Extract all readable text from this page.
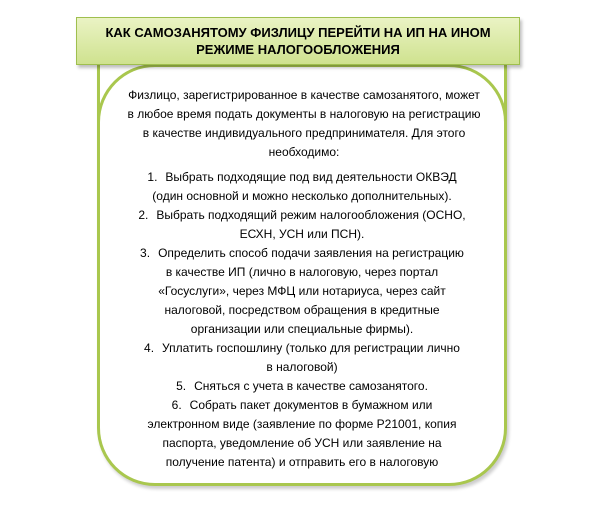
КАК САМОЗАНЯТОМУ ФИЗЛИЦУ ПЕРЕЙТИ НА ИП НА ИНОМ РЕЖИМЕ НАЛОГООБЛОЖЕНИЯ
Физлицо, зарегистрированное в качестве самозанятого, может
в любое время подать документы в налоговую на регистрацию
в качестве индивидуального предпринимателя. Для этого
необходимо:
1. Выбрать подходящие под вид деятельности ОКВЭД
(один основной и можно несколько дополнительных).
2. Выбрать подходящий режим налогообложения (ОСНО,
ЕСХН, УСН или ПСН).
3. Определить способ подачи заявления на регистрацию
в качестве ИП (лично в налоговую, через портал
«Госуслуги», через МФЦ или нотариуса, через сайт
налоговой, посредством обращения в кредитные
организации или специальные фирмы).
4. Уплатить госпошлину (только для регистрации лично
в налоговой)
5. Сняться с учета в качестве самозанятого.
6. Собрать пакет документов в бумажном или
электронном виде (заявление по форме Р21001, копия
паспорта, уведомление об УСН или заявление на
получение патента) и отправить его в налоговую
